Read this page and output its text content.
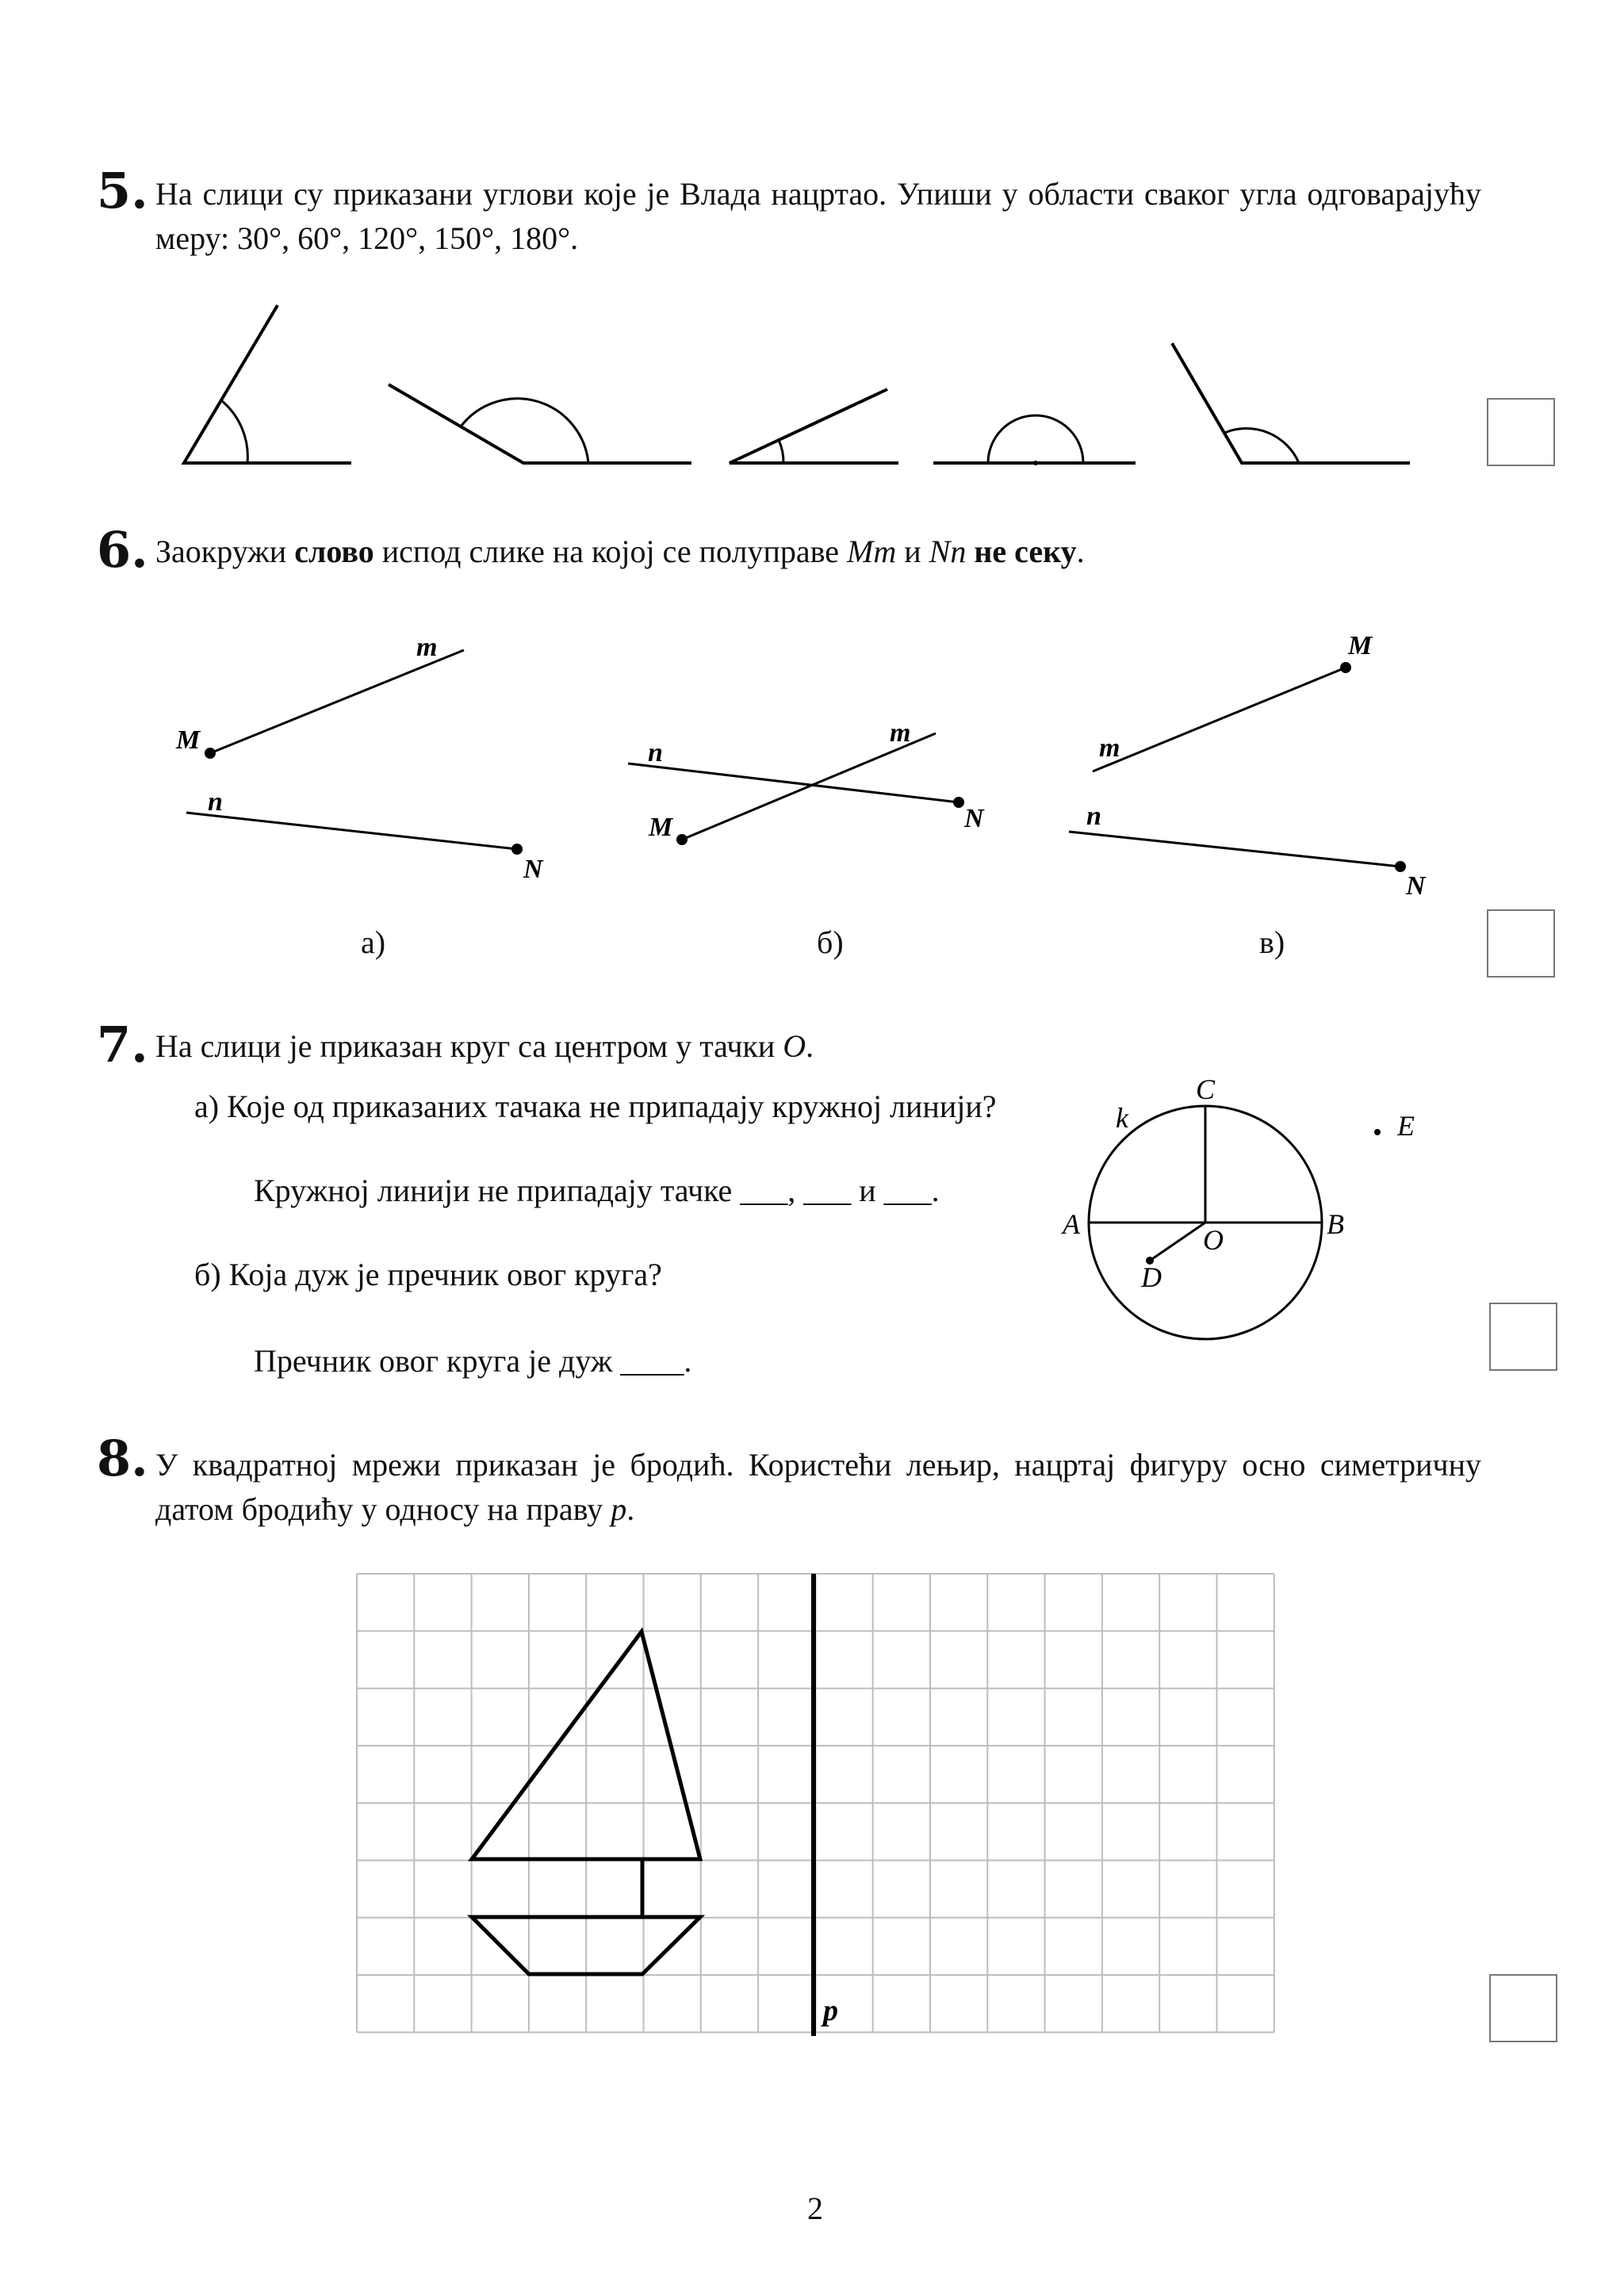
5. На слици су приказани углови које је Влада нацртао. Упиши у области сваког угла одговарајућу меру: 30°, 60°, 120°, 150°, 180°.
6. Заокружи слово испод слике на којој се полуправе Mm и Nn не секу.
M
m
n
N
M
m
n
N
M
m
n
N
а)	б)	в)
7. На слици је приказан круг са центром у тачки O.
а) Које од приказаних тачака не припадају кружној линији?
Кружној линији не припадају тачке ___, ___ и ___.
б) Која дуж је пречник овог круга?
Пречник овог круга је дуж ____.
C
k	E
A	B
O
D
8. У квадратној мрежи приказан је бродић. Користећи лењир, нацртај фигуру осно симетричну датом бродићу у односу на праву p.
p
2
